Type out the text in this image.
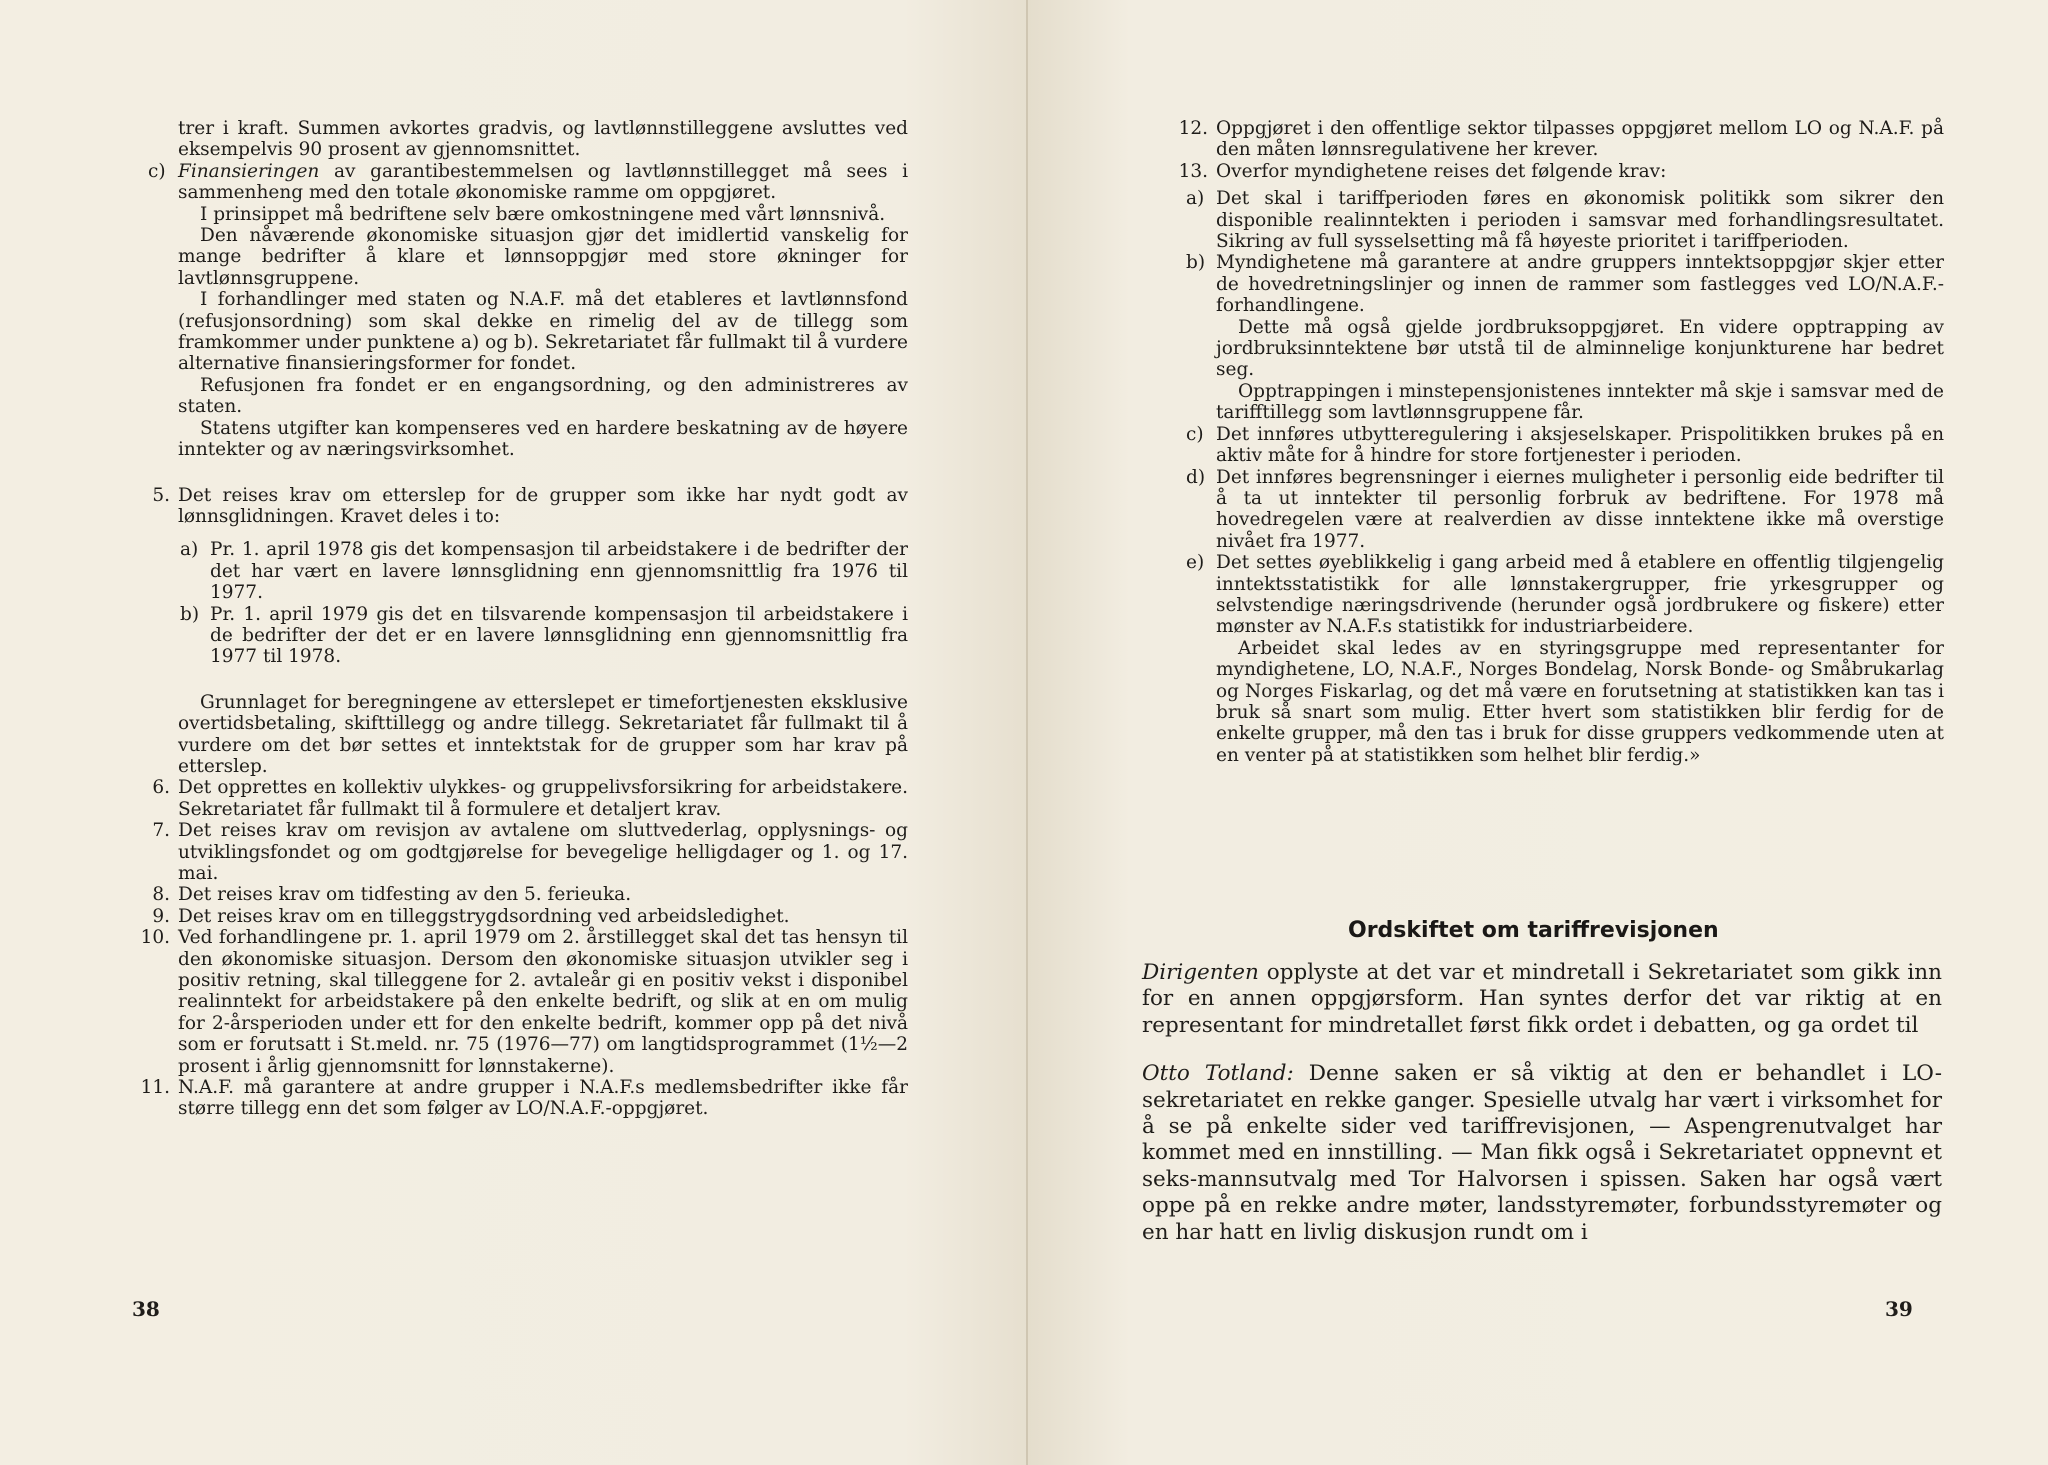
trer i kraft. Summen avkortes gradvis, og lavtlønnstilleggene avsluttes ved eksempelvis 90 prosent av gjennomsnittet.

c) Finansieringen av garantibestemmelsen og lavtlønnstillegget må sees i sammenheng med den totale økonomiske ramme om oppgjøret.

I prinsippet må bedriftene selv bære omkostningene med vårt lønnsnivå.

Den nåværende økonomiske situasjon gjør det imidlertid vanskelig for mange bedrifter å klare et lønnsoppgjør med store økninger for lavtlønnsgruppene.

I forhandlinger med staten og N.A.F. må det etableres et lavtlønnsfond (refusjonsordning) som skal dekke en rimelig del av de tillegg som framkommer under punktene a) og b). Sekretariatet får fullmakt til å vurdere alternative finansieringsformer for fondet.

Refusjonen fra fondet er en engangsordning, og den administreres av staten.

Statens utgifter kan kompenseres ved en hardere beskatning av de høyere inntekter og av næringsvirksomhet.

5. Det reises krav om etterslep for de grupper som ikke har nydt godt av lønnsglidningen. Kravet deles i to:

a) Pr. 1. april 1978 gis det kompensasjon til arbeidstakere i de bedrifter der det har vært en lavere lønnsglidning enn gjennomsnittlig fra 1976 til 1977.

b) Pr. 1. april 1979 gis det en tilsvarende kompensasjon til arbeidstakere i de bedrifter der det er en lavere lønnsglidning enn gjennomsnittlig fra 1977 til 1978.

Grunnlaget for beregningene av etterslepet er timefortjenesten eksklusive overtidsbetaling, skifttillegg og andre tillegg. Sekretariatet får fullmakt til å vurdere om det bør settes et inntektstak for de grupper som har krav på etterslep.

6. Det opprettes en kollektiv ulykkes- og gruppelivsforsikring for arbeidstakere. Sekretariatet får fullmakt til å formulere et detaljert krav.

7. Det reises krav om revisjon av avtalene om sluttvederlag, opplysnings- og utviklingsfondet og om godtgjørelse for bevegelige helligdager og 1. og 17. mai.

8. Det reises krav om tidfesting av den 5. ferieuka.

9. Det reises krav om en tilleggstrygdsordning ved arbeidsledighet.

10. Ved forhandlingene pr. 1. april 1979 om 2. årstillegget skal det tas hensyn til den økonomiske situasjon. Dersom den økonomiske situasjon utvikler seg i positiv retning, skal tilleggene for 2. avtaleår gi en positiv vekst i disponibel realinntekt for arbeidstakere på den enkelte bedrift, og slik at en om mulig for 2-årsperioden under ett for den enkelte bedrift, kommer opp på det nivå som er forutsatt i St.meld. nr. 75 (1976—77) om langtidsprogrammet (1½—2 prosent i årlig gjennomsnitt for lønnstakerne).

11. N.A.F. må garantere at andre grupper i N.A.F.s medlemsbedrifter ikke får større tillegg enn det som følger av LO/N.A.F.-oppgjøret.

38

12. Oppgjøret i den offentlige sektor tilpasses oppgjøret mellom LO og N.A.F. på den måten lønnsregulativene her krever.

13. Overfor myndighetene reises det følgende krav:

a) Det skal i tariffperioden føres en økonomisk politikk som sikrer den disponible realinntekten i perioden i samsvar med forhandlingsresultatet. Sikring av full sysselsetting må få høyeste prioritet i tariffperioden.

b) Myndighetene må garantere at andre gruppers inntektsoppgjør skjer etter de hovedretningslinjer og innen de rammer som fastlegges ved LO/N.A.F.-forhandlingene.

Dette må også gjelde jordbruksoppgjøret. En videre opptrapping av jordbruksinntektene bør utstå til de alminnelige konjunkturene har bedret seg.

Opptrappingen i minstepensjonistenes inntekter må skje i samsvar med de tarifftillegg som lavtlønnsgruppene får.

c) Det innføres utbytteregulering i aksjeselskaper. Prispolitikken brukes på en aktiv måte for å hindre for store fortjenester i perioden.

d) Det innføres begrensninger i eiernes muligheter i personlig eide bedrifter til å ta ut inntekter til personlig forbruk av bedriftene. For 1978 må hovedregelen være at realverdien av disse inntektene ikke må overstige nivået fra 1977.

e) Det settes øyeblikkelig i gang arbeid med å etablere en offentlig tilgjengelig inntektsstatistikk for alle lønnstakergrupper, frie yrkesgrupper og selvstendige næringsdrivende (herunder også jordbrukere og fiskere) etter mønster av N.A.F.s statistikk for industriarbeidere.

Arbeidet skal ledes av en styringsgruppe med representanter for myndighetene, LO, N.A.F., Norges Bondelag, Norsk Bonde- og Småbrukarlag og Norges Fiskarlag, og det må være en forutsetning at statistikken kan tas i bruk så snart som mulig. Etter hvert som statistikken blir ferdig for de enkelte grupper, må den tas i bruk for disse gruppers vedkommende uten at en venter på at statistikken som helhet blir ferdig.»

Ordskiftet om tariffrevisjonen

Dirigenten opplyste at det var et mindretall i Sekretariatet som gikk inn for en annen oppgjørsform. Han syntes derfor det var riktig at en representant for mindretallet først fikk ordet i debatten, og ga ordet til

Otto Totland: Denne saken er så viktig at den er behandlet i LO-sekretariatet en rekke ganger. Spesielle utvalg har vært i virksomhet for å se på enkelte sider ved tariffrevisjonen, — Aspengrenutvalget har kommet med en innstilling. — Man fikk også i Sekretariatet oppnevnt et seks-mannsutvalg med Tor Halvorsen i spissen. Saken har også vært oppe på en rekke andre møter, landsstyremøter, forbundsstyremøter og en har hatt en livlig diskusjon rundt om i

39
